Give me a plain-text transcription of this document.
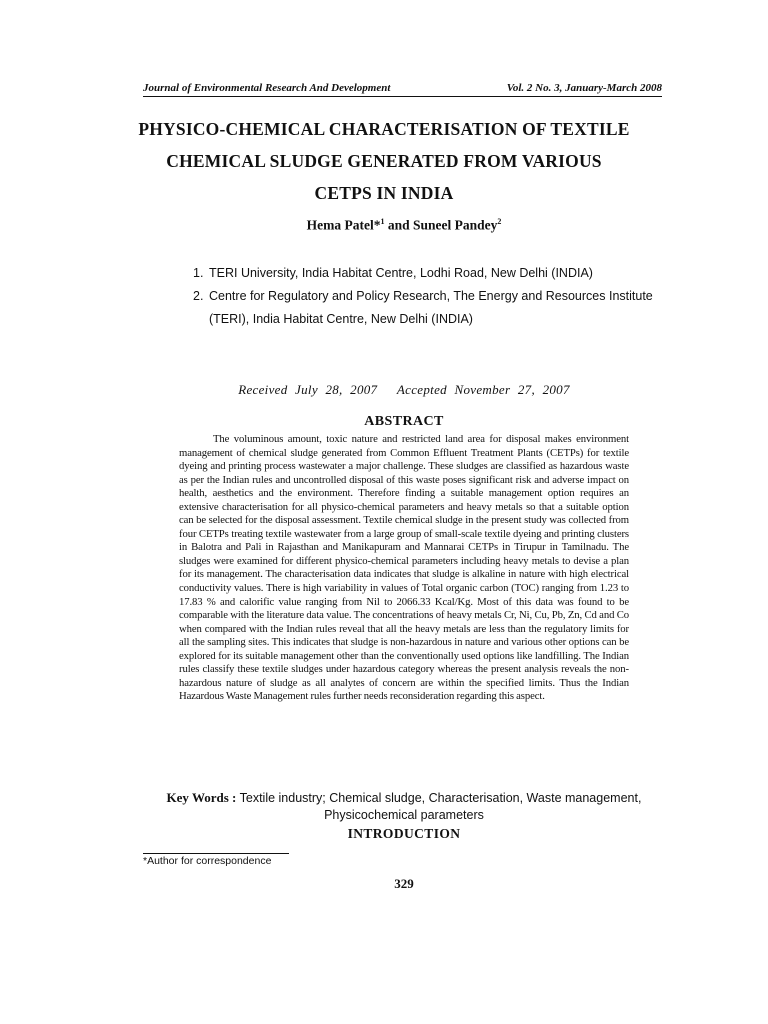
Journal of Environmental Research And Development	Vol. 2 No. 3, January-March 2008
PHYSICO-CHEMICAL CHARACTERISATION OF TEXTILE
CHEMICAL SLUDGE GENERATED FROM VARIOUS
CETPS IN INDIA
Hema Patel*$^1$ and Suneel Pandey$^2$
1. TERI University, India Habitat Centre, Lodhi Road, New Delhi (INDIA)
2. Centre for Regulatory and Policy Research, The Energy and Resources Institute
(TERI), India Habitat Centre, New Delhi (INDIA)
Received July 28, 2007 Accepted November 27, 2007
ABSTRACT

The voluminous amount, toxic nature and restricted land area for disposal makes environment management of chemical sludge generated from Common Effluent Treatment Plants (CETPs) for textile dyeing and printing process wastewater a major challenge. These sludges are classified as hazardous waste as per the Indian rules and uncontrolled disposal of this waste poses significant risk and adverse impact on health, aesthetics and the environment. Therefore finding a suitable management option requires an extensive characterisation for all physico-chemical parameters and heavy metals so that a suitable option can be selected for the disposal assessment. Textile chemical sludge in the present study was collected from four CETPs treating textile wastewater from a large group of small-scale textile dyeing and printing clusters in Balotra and Pali in Rajasthan and Manikapuram and Mannarai CETPs in Tirupur in Tamilnadu. The sludges were examined for different physico-chemical parameters including heavy metals to devise a plan for its management. The characterisation data indicates that sludge is alkaline in nature with high electrical conductivity values. There is high variability in values of Total organic carbon (TOC) ranging from 1.23 to 17.83 % and calorific value ranging from Nil to 2066.33 Kcal/Kg. Most of this data was found to be comparable with the literature data value. The concentrations of heavy metals Cr, Ni, Cu, Pb, Zn, Cd and Co when compared with the Indian rules reveal that all the heavy metals are less than the regulatory limits for all the sampling sites. This indicates that sludge is non-hazardous in nature and various other options can be explored for its suitable management other than the conventionally used options like landfilling. The Indian rules classify these textile sludges under hazardous category whereas the present analysis reveals the non-hazardous nature of sludge as all analytes of concern are within the specified limits. Thus the Indian Hazardous Waste Management rules further needs reconsideration regarding this aspect.

Key Words : Textile industry; Chemical sludge, Characterisation, Waste management, Physicochemical parameters
INTRODUCTION
*Author for correspondence
329
